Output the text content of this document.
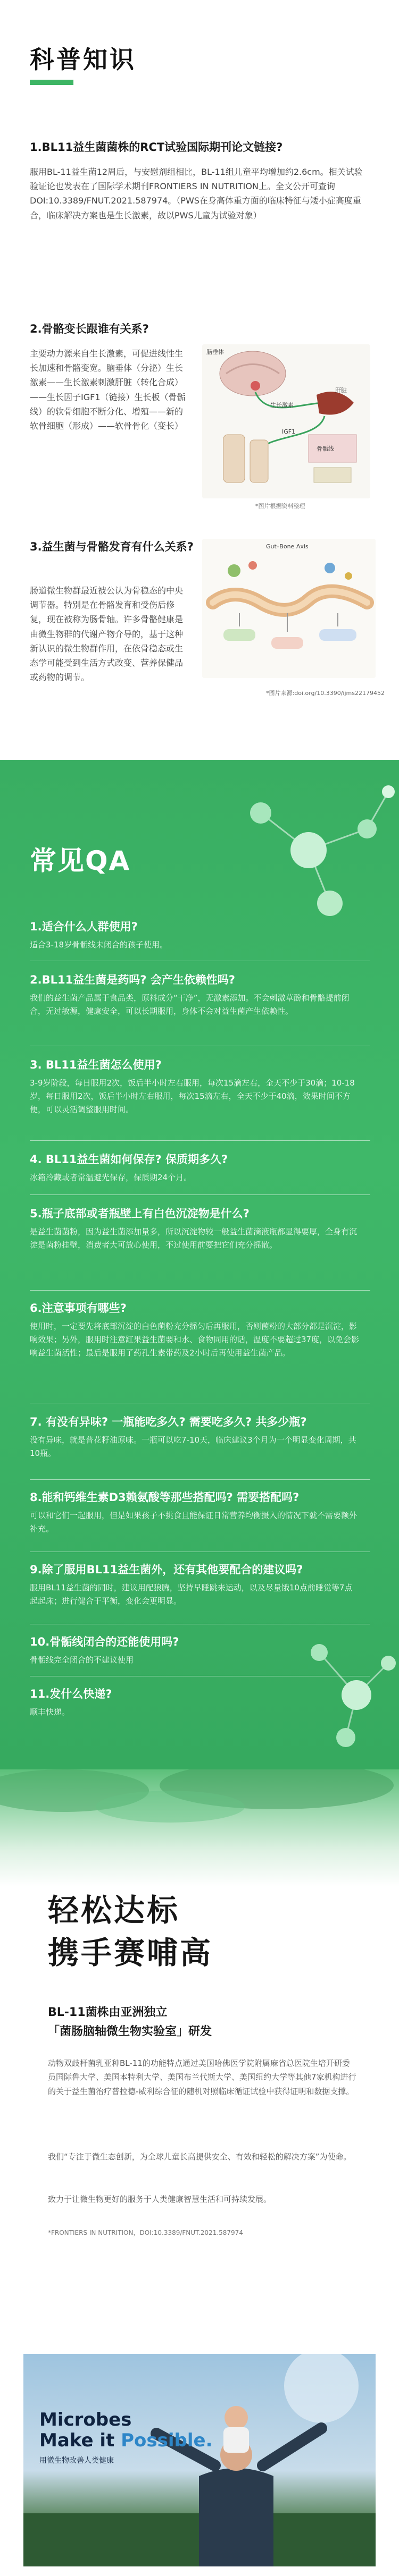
科普知识
1.BL11益生菌菌株的RCT试验国际期刊论文链接?
服用BL-11益生菌12周后，与安慰剂组相比，BL-11组儿童平均增加约2.6cm。相关试验验证论也发表在了国际学术期刊FRONTIERS IN NUTRITION上。全文公开可查询 DOI:10.3389/FNUT.2021.587974。（PWS在身高体重方面的临床特征与矮小症高度重合，临床解决方案也是生长激素，故以PWS儿童为试验对象）
2.骨骼变长跟谁有关系?
主要动力源来自生长激素，可促进线性生长加速和骨骼变宽。脑垂体（分泌）生长激素——生长激素刺激肝脏（转化合成）——生长因子IGF1（链接）生长板（骨骺线）的软骨细胞不断分化、增殖——新的软骨细胞（形成）——软骨骨化（变长）
脑垂体
生长激素
肝脏
IGF1
骨骺线
*图片根据资料整理
3.益生菌与骨骼发育有什么关系?
肠道微生物群最近被公认为骨稳态的中央调节器。特别是在骨骼发育和受伤后修复，现在被称为肠骨轴。许多骨骼健康是由微生物群的代谢产物介导的，基于这种新认识的微生物群作用，在依骨稳态或生态学可能受到生活方式改变、营养保健品或药物的调节。
Gut–Bone Axis
*图片来源:doi.org/10.3390/ijms22179452
常见QA
1.适合什么人群使用?
适合3-18岁骨骺线未闭合的孩子使用。
2.BL11益生菌是药吗? 会产生依赖性吗?
我们的益生菌产品属于食品类，原料成分“干净”，无激素添加。不会刺激草酚和骨骼提前闭合，无过敏源，健康安全，可以长期服用，身体不会对益生菌产生依赖性。
3. BL11益生菌怎么使用?
3-9岁阶段，每日服用2次，饭后半小时左右服用，每次15滴左右，全天不少于30滴；10-18岁，每日服用2次，饭后半小时左右服用，每次15滴左右，全天不少于40滴，效果时间不方便，可以灵活调整服用时间。
4. BL11益生菌如何保存? 保质期多久?
冰箱冷藏或者常温避光保存，保质期24个月。
5.瓶子底部或者瓶壁上有白色沉淀物是什么?
是益生菌菌粉，因为益生菌添加量多，所以沉淀物较一般益生菌滴液瓶都显得要厚，全身有沉淀是菌粉挂壁，消费者大可放心使用，不过使用前要把它们充分摇散。
6.注意事项有哪些?
使用时，一定要先将底部沉淀的白色菌粉充分摇匀后再服用，否则菌粉的大部分都是沉淀，影响效果；另外，服用时注意缸果益生菌要和水、食物同用的话，温度不要超过37度，以免会影响益生菌活性；最后是服用了药孔生素带药及2小时后再使用益生菌产品。
7. 有没有异味? 一瓶能吃多久? 需要吃多久? 共多少瓶?
没有异味，就是普花籽油原味。一瓶可以吃7-10天，临床建议3个月为一个明显变化周期，共10瓶。
8.能和钙维生素D3赖氨酸等那些搭配吗? 需要搭配吗?
可以和它们一起服用，但是如果孩子不挑食且能保证日常营养均衡摄入的情况下就不需要额外补充。
9.除了服用BL11益生菌外，还有其他要配合的建议吗?
服用BL11益生菌的同时，建议用配狼腾，坚持早睡跳来运动，以及尽量饿10点前睡觉等7点起起床；进行健合于平衡，变化会更明显。
10.骨骺线闭合的还能使用吗?
骨骺线完全闭合的不建议使用
11.发什么快递?
顺丰快递。
轻松达标
携手赛哺高
BL-11菌株由亚洲独立
「菌肠脑轴微生物实验室」研发
动物双歧杆菌乳亚种BL-11的功能特点通过美国哈佛医学院附属麻省总医院生培开研委员国际鲁大学、美国本特利大学、美国布兰代斯大学、美国纽约大学等其他7家机构进行的关于益生菌治疗普拉德-威利综合征的随机对照临床循证试验中获得证明和数据支撑。
我们“专注于微生态创新，为全球儿童长高提供安全、有效和轻松的解决方案”为使命。
致力于让微生物更好的服务于人类健康智慧生活和可持续发展。
*FRONTIERS IN NUTRITION，DOI:10.3389/FNUT.2021.587974
Microbes
Make it Possible.
用微生物改善人类健康
